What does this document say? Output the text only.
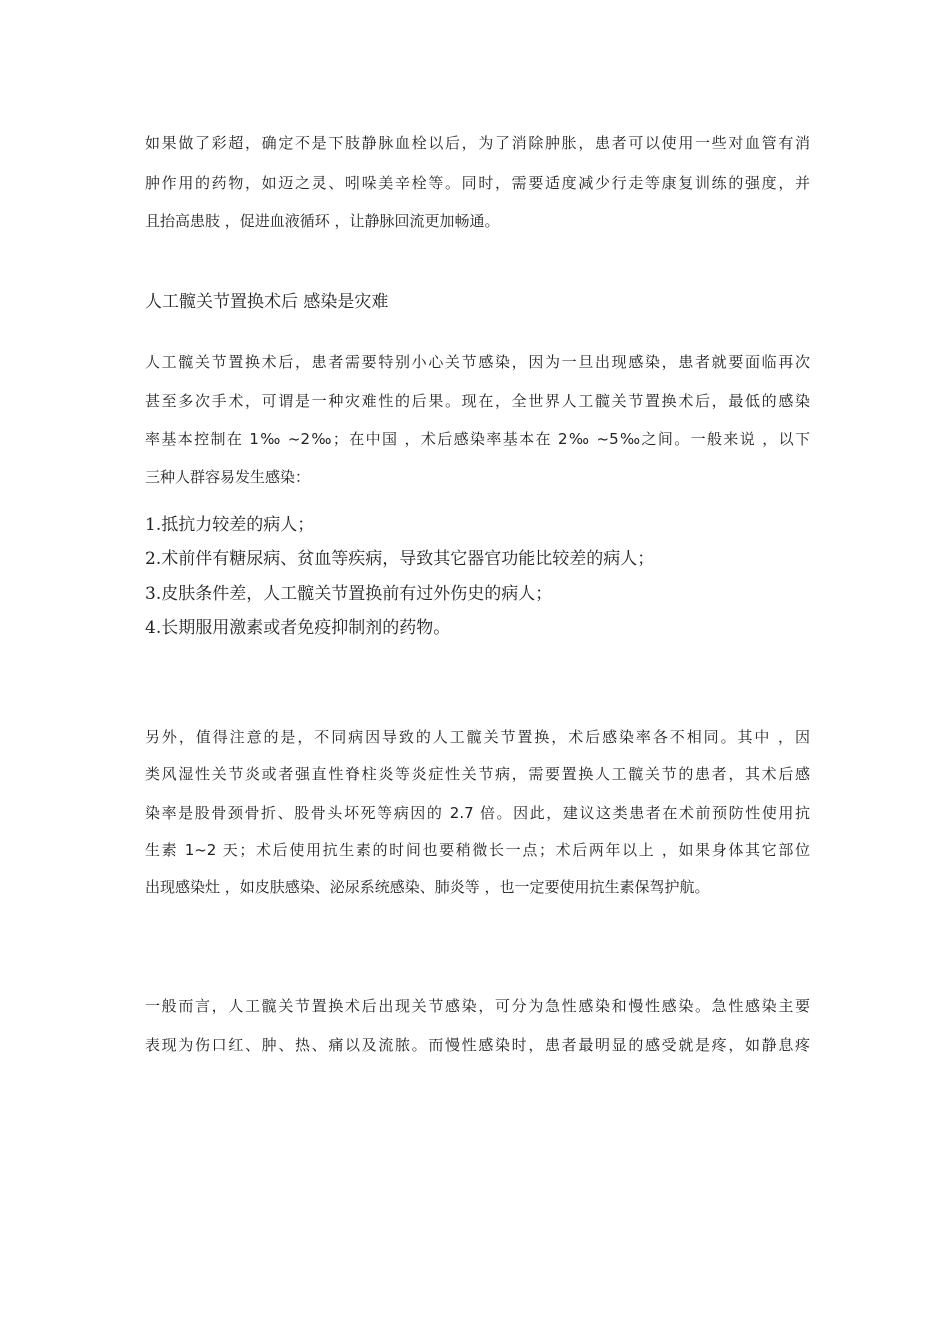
如果做了彩超，确定不是下肢静脉血栓以后，为了消除肿胀，患者可以使用一些对血管有消
肿作用的药物，如迈之灵、吲哚美辛栓等。同时，需要适度减少行走等康复训练的强度，并
且抬高患肢 ，促进血液循环 ，让静脉回流更加畅通。
人工髋关节置换术后 感染是灾难
人工髋关节置换术后，患者需要特别小心关节感染，因为一旦出现感染，患者就要面临再次
甚至多次手术，可谓是一种灾难性的后果。现在，全世界人工髋关节置换术后，最低的感染
率基本控制在 1‰ ~2‰；在中国 ，术后感染率基本在 2‰ ~5‰之间。一般来说 ，以下
三种人群容易发生感染：
1.抵抗力较差的病人；
2.术前伴有糖尿病、贫血等疾病，导致其它器官功能比较差的病人；
3.皮肤条件差，人工髋关节置换前有过外伤史的病人；
4.长期服用激素或者免疫抑制剂的药物。
另外，值得注意的是，不同病因导致的人工髋关节置换，术后感染率各不相同。其中 ，因
类风湿性关节炎或者强直性脊柱炎等炎症性关节病，需要置换人工髋关节的患者，其术后感
染率是股骨颈骨折、股骨头坏死等病因的 2.7 倍。因此，建议这类患者在术前预防性使用抗
生素 1~2 天；术后使用抗生素的时间也要稍微长一点；术后两年以上 ，如果身体其它部位
出现感染灶 ，如皮肤感染、泌尿系统感染、肺炎等 ，也一定要使用抗生素保驾护航。
一般而言，人工髋关节置换术后出现关节感染，可分为急性感染和慢性感染。急性感染主要
表现为伤口红、肿、热、痛以及流脓。而慢性感染时，患者最明显的感受就是疼，如静息疼
